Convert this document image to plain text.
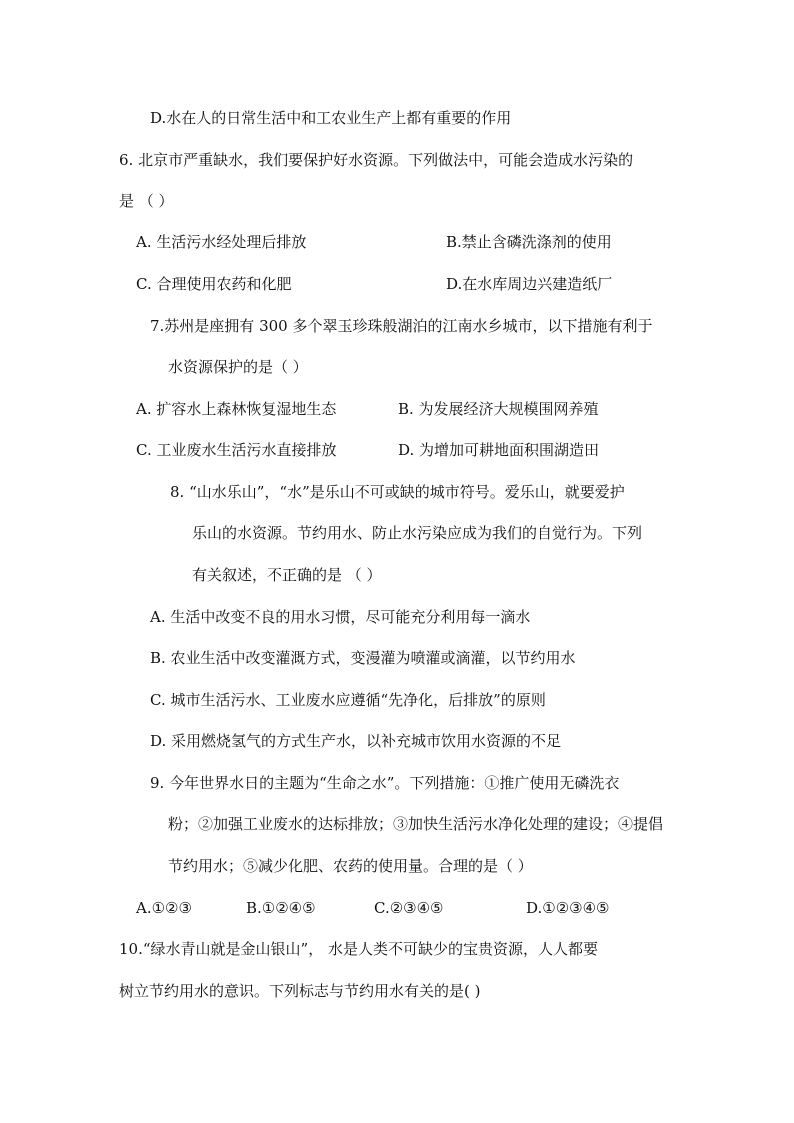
D.水在人的日常生活中和工农业生产上都有重要的作用
6. 北京市严重缺水，我们要保护好水资源。下列做法中，可能会造成水污染的
是 （ ）
A. 生活污水经处理后排放	B.禁止含磷洗涤剂的使用
C. 合理使用农药和化肥	D.在水库周边兴建造纸厂
7.苏州是座拥有 300 多个翠玉珍珠般湖泊的江南水乡城市，以下措施有利于
水资源保护的是（ ）
A. 扩容水上森林恢复湿地生态	B. 为发展经济大规模围网养殖
C. 工业废水生活污水直接排放	D. 为增加可耕地面积围湖造田
8. “山水乐山”，“水”是乐山不可或缺的城市符号。爱乐山，就要爱护
乐山的水资源。节约用水、防止水污染应成为我们的自觉行为。下列
有关叙述，不正确的是 （ ）
A. 生活中改变不良的用水习惯，尽可能充分利用每一滴水
B. 农业生活中改变灌溉方式，变漫灌为喷灌或滴灌，以节约用水
C. 城市生活污水、工业废水应遵循“先净化，后排放”的原则
D. 采用燃烧氢气的方式生产水，以补充城市饮用水资源的不足
9. 今年世界水日的主题为“生命之水”。下列措施：①推广使用无磷洗衣
粉；②加强工业废水的达标排放；③加快生活污水净化处理的建设；④提倡
节约用水；⑤减少化肥、农药的使用量。合理的是（ ）
A.①②③	B.①②④⑤	C.②③④⑤	D.①②③④⑤
10.“绿水青山就是金山银山”， 水是人类不可缺少的宝贵资源，人人都要
树立节约用水的意识。下列标志与节约用水有关的是( )
